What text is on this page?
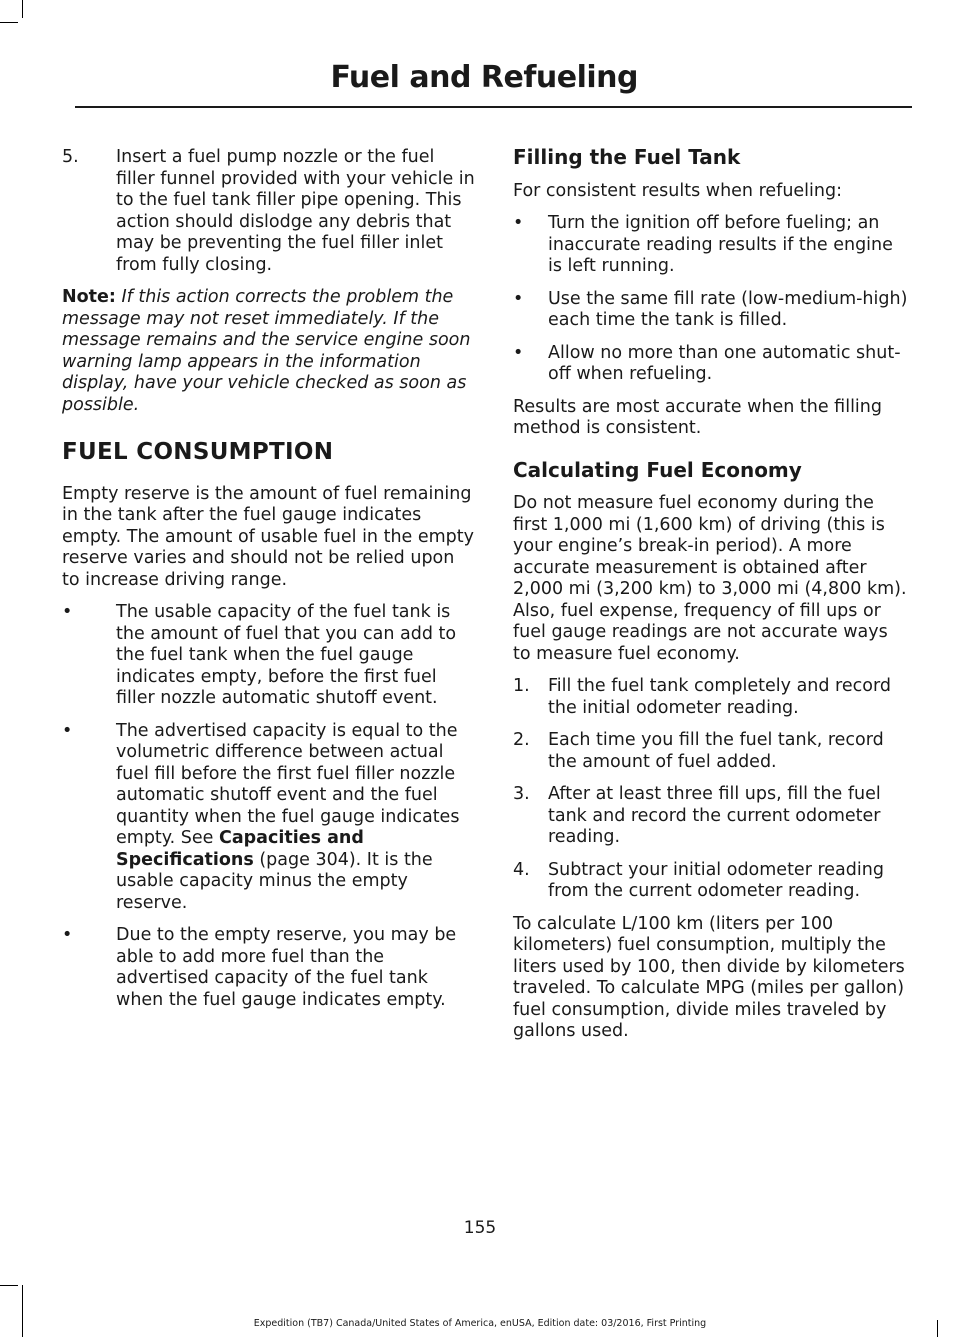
Fuel and Refueling
5. Insert a fuel pump nozzle or the fuel filler funnel provided with your vehicle in to the fuel tank filler pipe opening. This action should dislodge any debris that may be preventing the fuel filler inlet from fully closing.

Note: If this action corrects the problem the message may not reset immediately. If the message remains and the service engine soon warning lamp appears in the information display, have your vehicle checked as soon as possible.

FUEL CONSUMPTION

Empty reserve is the amount of fuel remaining in the tank after the fuel gauge indicates empty. The amount of usable fuel in the empty reserve varies and should not be relied upon to increase driving range.

• The usable capacity of the fuel tank is the amount of fuel that you can add to the fuel tank when the fuel gauge indicates empty, before the first fuel filler nozzle automatic shutoff event.
• The advertised capacity is equal to the volumetric difference between actual fuel fill before the first fuel filler nozzle automatic shutoff event and the fuel quantity when the fuel gauge indicates empty. See Capacities and Specifications (page 304). It is the usable capacity minus the empty reserve.
• Due to the empty reserve, you may be able to add more fuel than the advertised capacity of the fuel tank when the fuel gauge indicates empty.
Filling the Fuel Tank

For consistent results when refueling:

• Turn the ignition off before fueling; an inaccurate reading results if the engine is left running.
• Use the same fill rate (low-medium-high) each time the tank is filled.
• Allow no more than one automatic shut-off when refueling.

Results are most accurate when the filling method is consistent.

Calculating Fuel Economy

Do not measure fuel economy during the first 1,000 mi (1,600 km) of driving (this is your engine’s break-in period). A more accurate measurement is obtained after 2,000 mi (3,200 km) to 3,000 mi (4,800 km). Also, fuel expense, frequency of fill ups or fuel gauge readings are not accurate ways to measure fuel economy.

1. Fill the fuel tank completely and record the initial odometer reading.
2. Each time you fill the fuel tank, record the amount of fuel added.
3. After at least three fill ups, fill the fuel tank and record the current odometer reading.
4. Subtract your initial odometer reading from the current odometer reading.

To calculate L/100 km (liters per 100 kilometers) fuel consumption, multiply the liters used by 100, then divide by kilometers traveled. To calculate MPG (miles per gallon) fuel consumption, divide miles traveled by gallons used.

155
Expedition (TB7) Canada/United States of America, enUSA, Edition date: 03/2016, First Printing
